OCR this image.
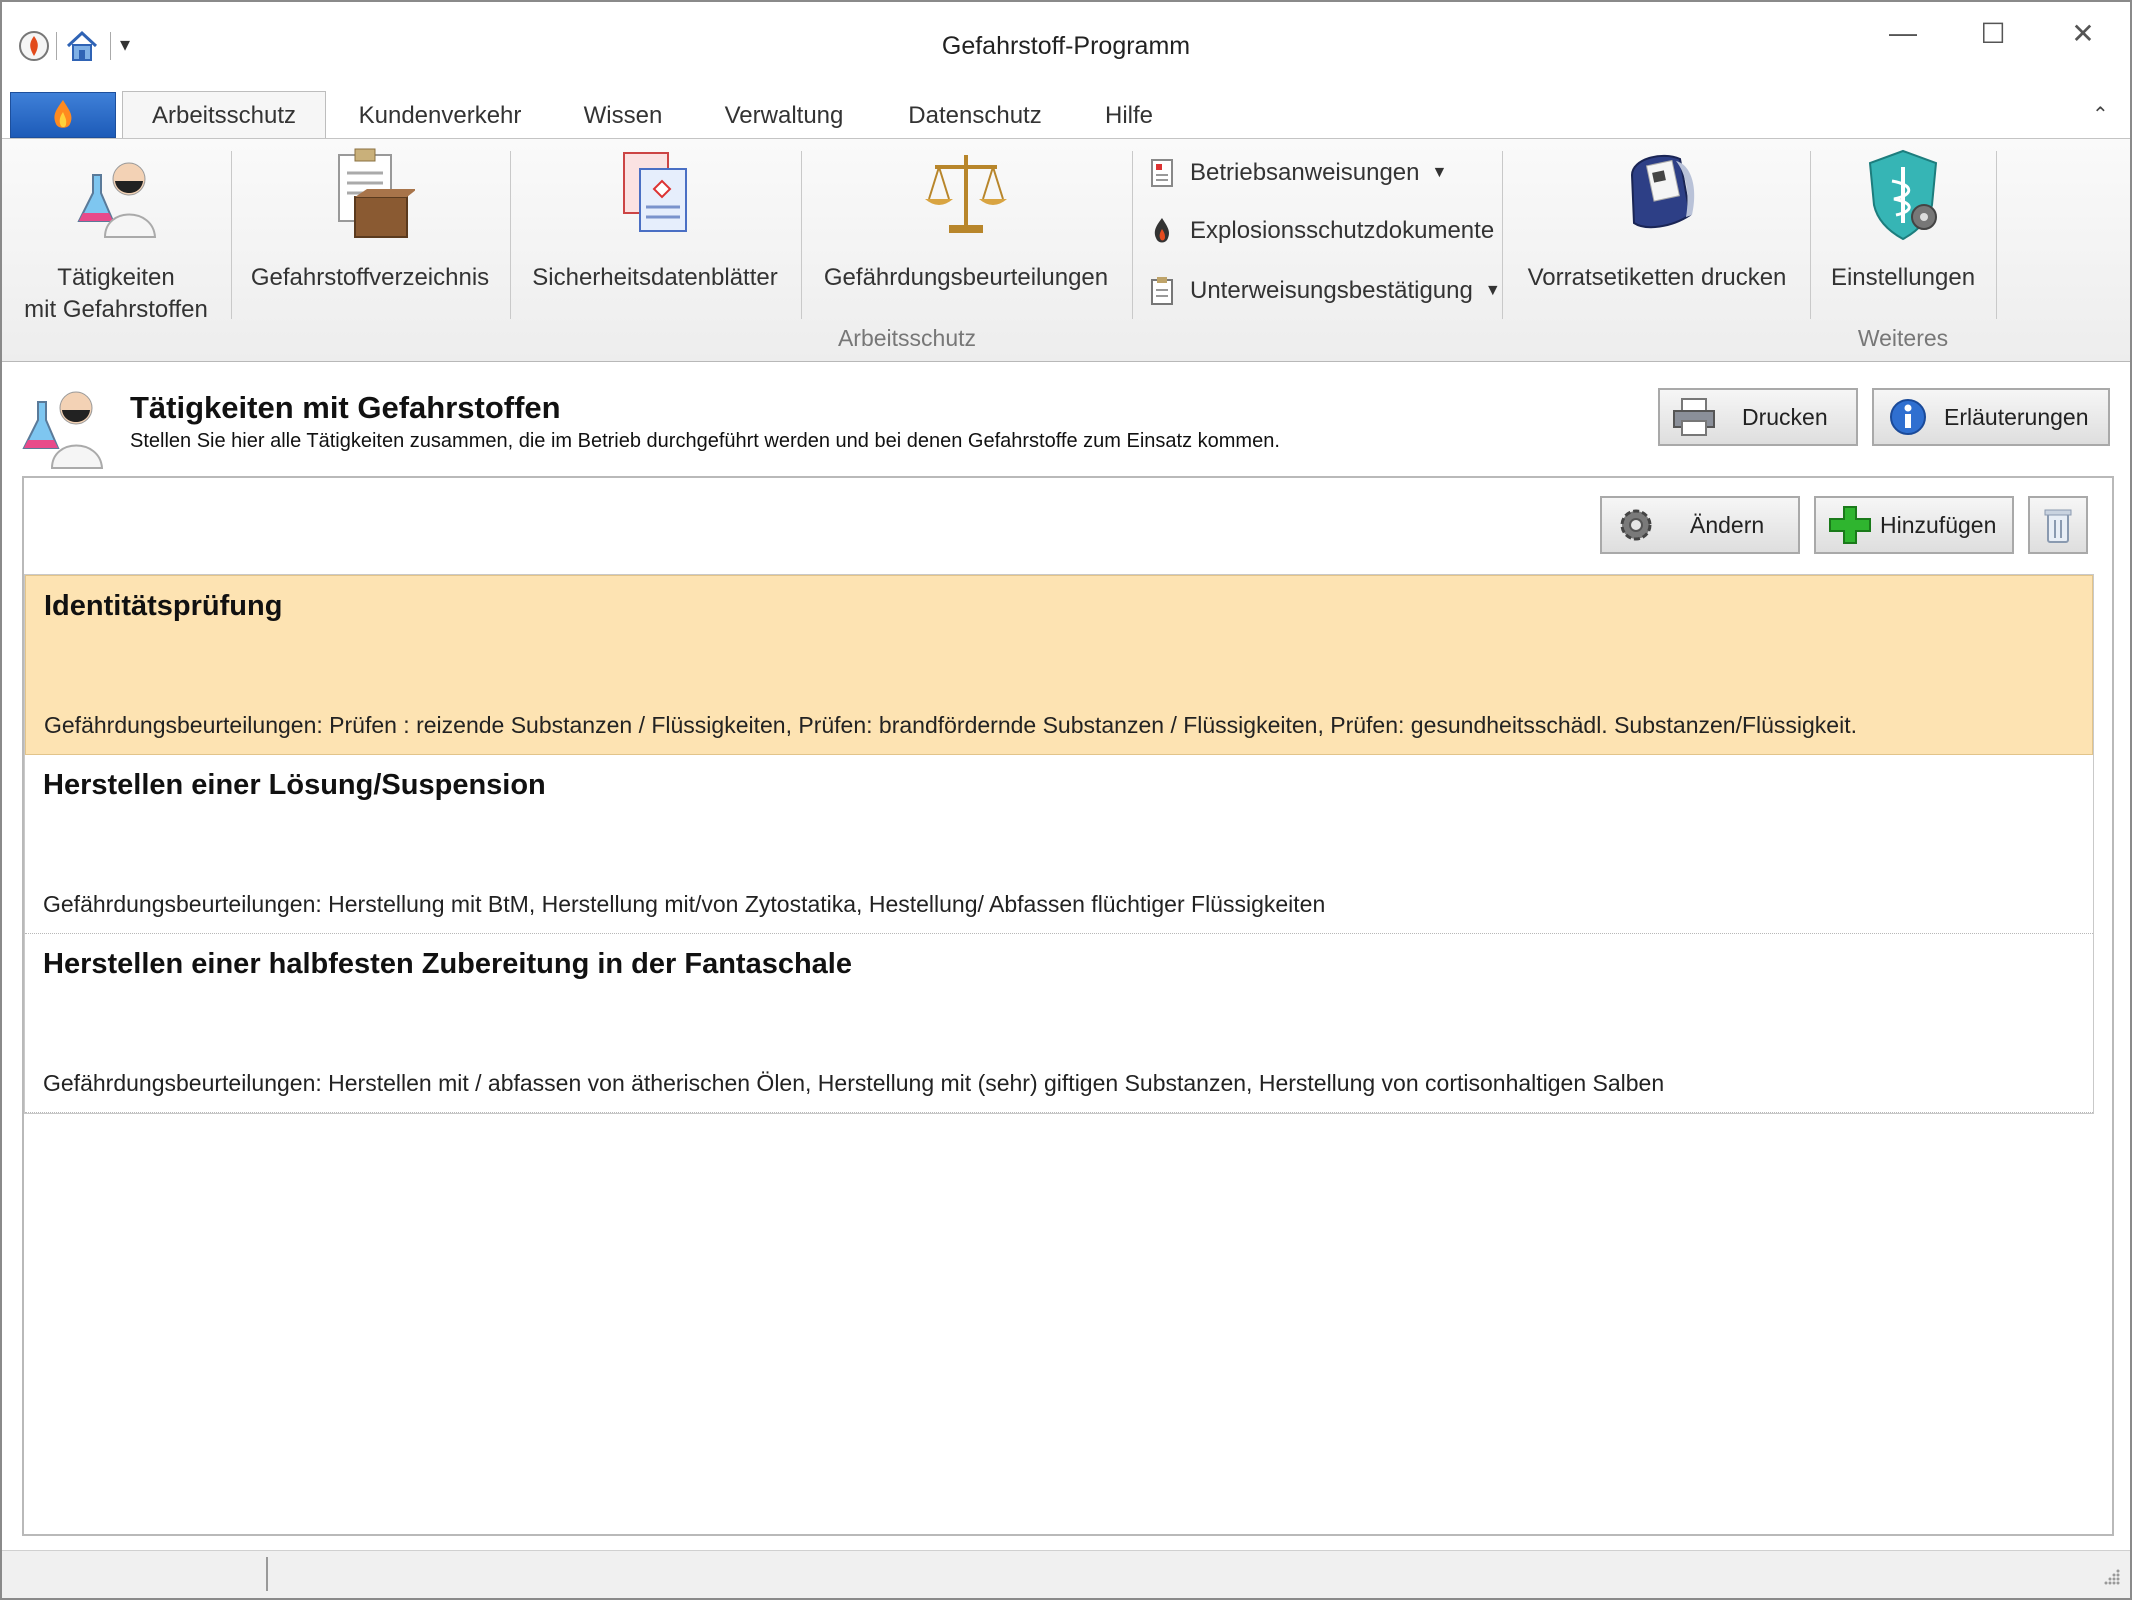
▾	Gefahrstoff-Programm	—	☐	✕
Arbeitsschutz	Kundenverkehr	Wissen	Verwaltung	Datenschutz	Hilfe	⌃
Tätigkeiten
mit Gefahrstoffen
Gefahrstoffverzeichnis	Sicherheitsdatenblätter	Gefährdungsbeurteilungen
Betriebsanweisungen ▼
Explosionsschutzdokumente
Unterweisungsbestätigung ▼
Arbeitsschutz
Vorratsetiketten drucken	Einstellungen
Weiteres
Tätigkeiten mit Gefahrstoffen
Stellen Sie hier alle Tätigkeiten zusammen, die im Betrieb durchgeführt werden und bei denen Gefahrstoffe zum Einsatz kommen.
Drucken	Erläuterungen
Ändern	Hinzufügen
Identitätsprüfung
Gefährdungsbeurteilungen: Prüfen : reizende Substanzen / Flüssigkeiten, Prüfen: brandfördernde Substanzen / Flüssigkeiten, Prüfen: gesundheitsschädl. Substanzen/Flüssigkeit.
Herstellen einer Lösung/Suspension
Gefährdungsbeurteilungen: Herstellung mit BtM, Herstellung mit/von Zytostatika, Hestellung/ Abfassen flüchtiger Flüssigkeiten
Herstellen einer halbfesten Zubereitung in der Fantaschale
Gefährdungsbeurteilungen: Herstellen mit / abfassen von ätherischen Ölen, Herstellung mit (sehr) giftigen Substanzen, Herstellung von cortisonhaltigen Salben
